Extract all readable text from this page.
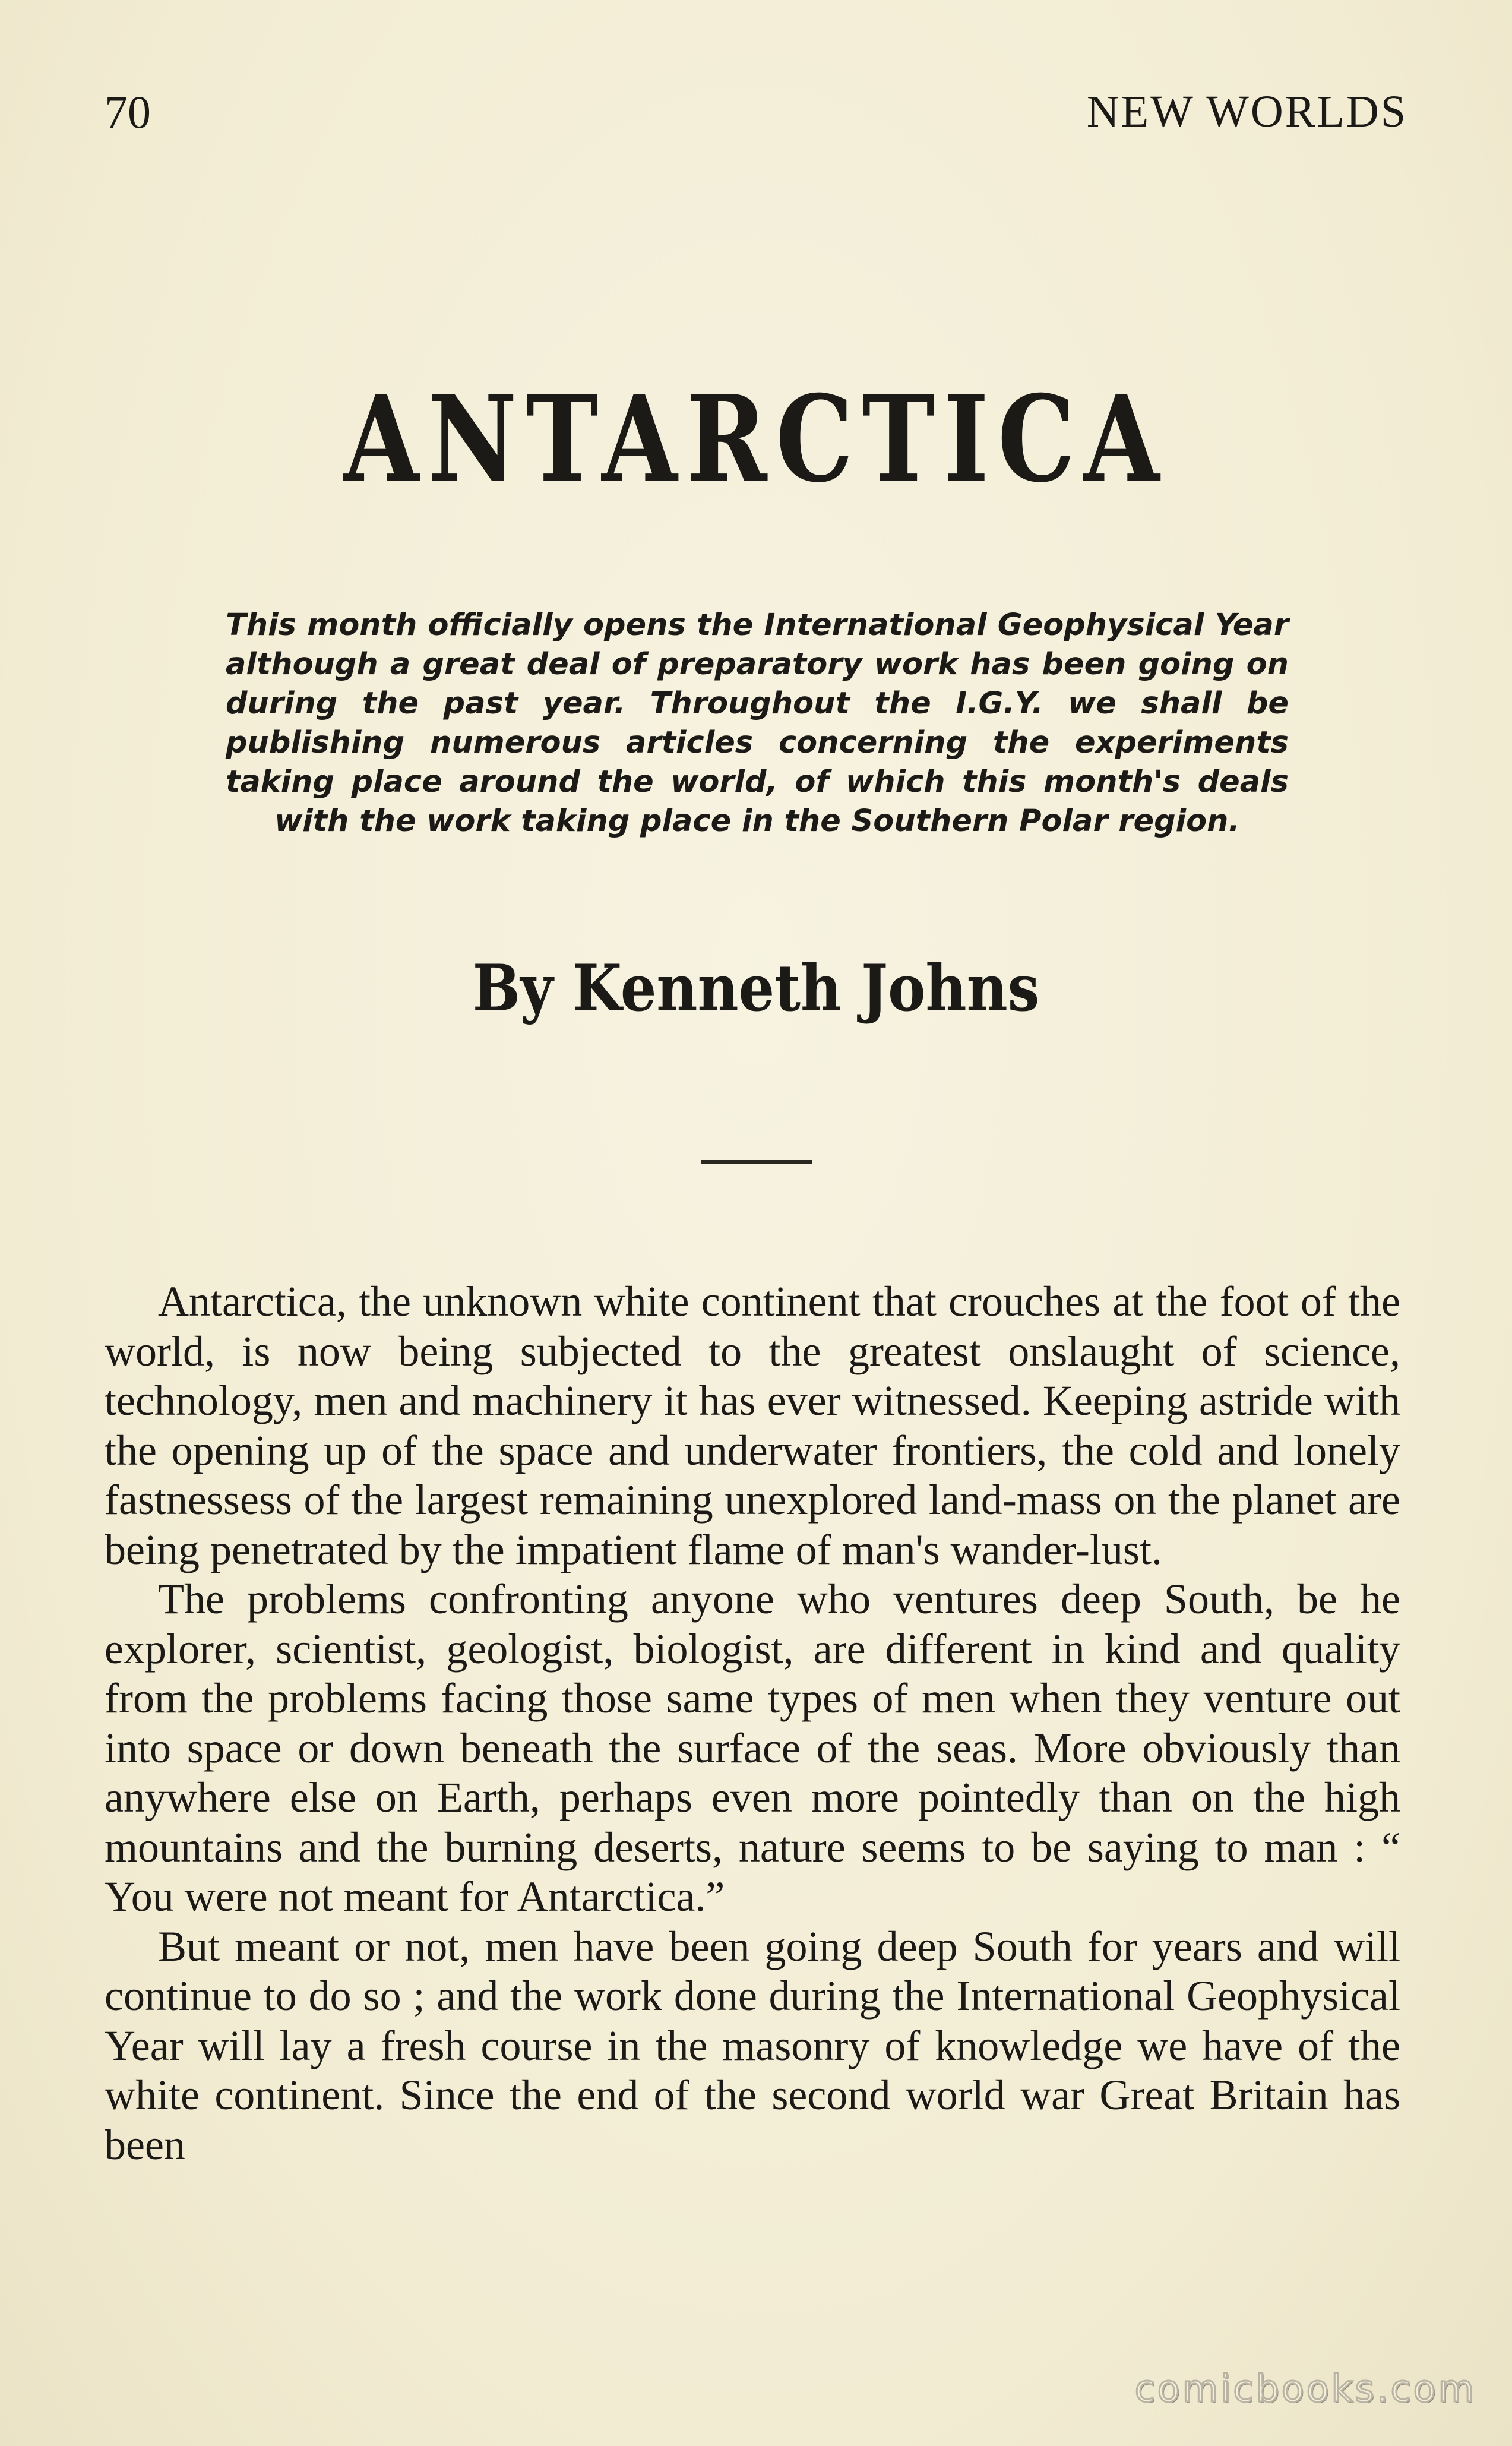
70	NEW WORLDS
ANTARCTICA
This month officially opens the International Geophysical Year although a great deal of preparatory work has been going on during the past year. Throughout the I.G.Y. we shall be publishing numerous articles concerning the experiments taking place around the world, of which this month's deals with the work taking place in the Southern Polar region.
By Kenneth Johns

Antarctica, the unknown white continent that crouches at the foot of the world, is now being subjected to the greatest onslaught of science, technology, men and machinery it has ever witnessed. Keeping astride with the opening up of the space and underwater frontiers, the cold and lonely fastnessess of the largest remaining unexplored land-mass on the planet are being penetrated by the impatient flame of man's wander-lust.

The problems confronting anyone who ventures deep South, be he explorer, scientist, geologist, biologist, are different in kind and quality from the problems facing those same types of men when they venture out into space or down beneath the surface of the seas. More obviously than anywhere else on Earth, perhaps even more pointedly than on the high mountains and the burning deserts, nature seems to be saying to man : “ You were not meant for Antarctica.”

But meant or not, men have been going deep South for years and will continue to do so ; and the work done during the International Geophysical Year will lay a fresh course in the masonry of knowledge we have of the white continent. Since the end of the second world war Great Britain has been

comicbooks.com
